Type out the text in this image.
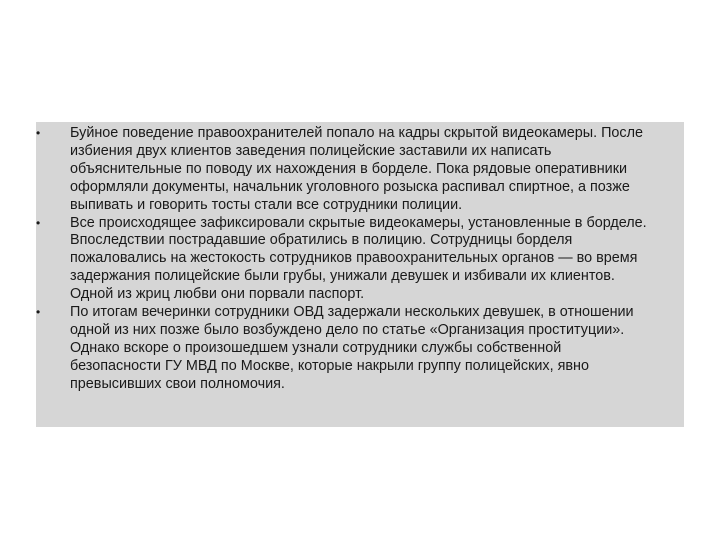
•	Буйное поведение правоохранителей попало на кадры скрытой видеокамеры. После избиения двух клиентов заведения полицейские заставили их написать объяснительные по поводу их нахождения в борделе. Пока рядовые оперативники оформляли документы, начальник уголовного розыска распивал спиртное, а позже выпивать и говорить тосты стали все сотрудники полиции.
•	Все происходящее зафиксировали скрытые видеокамеры, установленные в борделе. Впоследствии пострадавшие обратились в полицию. Сотрудницы борделя пожаловались на жестокость сотрудников правоохранительных органов — во время задержания полицейские были грубы, унижали девушек и избивали их клиентов. Одной из жриц любви они порвали паспорт.
•	По итогам вечеринки сотрудники ОВД задержали нескольких девушек, в отношении одной из них позже было возбуждено дело по статье «Организация проституции». Однако вскоре о произошедшем узнали сотрудники службы собственной безопасности ГУ МВД по Москве, которые накрыли группу полицейских, явно превысивших свои полномочия.
